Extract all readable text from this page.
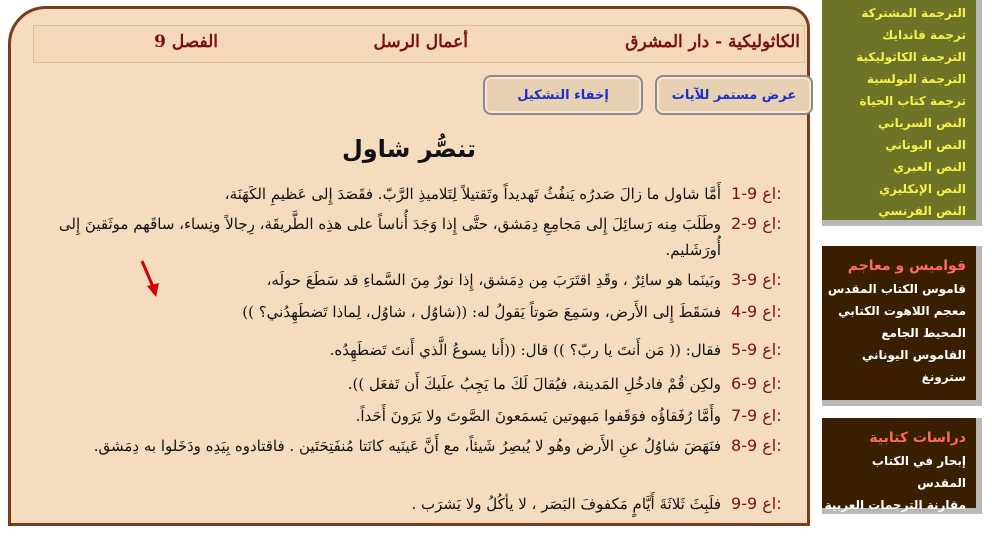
الكاثوليكية - دار المشرق
أعمال الرسل
الفصل 9
عرض مستمر للآيات
إخفاء التشكيل
تنصُّر شاول
اع 9-1:
أَمَّا شاول ما زالَ صَدرُه يَنفُثُ تَهديداً وتَقتيلاً لِتَلاميذِ الرَّبّ. فقَصَدَ إِلى عَظيمِ الكَهَنَة،
اع 9-2:
وطَلَبَ مِنه رَسائِلَ إِلى مَجامِعِ دِمَشق، حتَّى إِذا وَجَدَ أُناساً على هذِه الطَّريقَة، رِجالاً ونِساء، ساقَهم موثَقينَ إِلى أُورَشَليم.
اع 9-3:
وبَينَما هو سائِرٌ ، وقَدِ اقتَرَبَ مِن دِمَشق، إِذا نورٌ مِنَ السَّماءِ قد سَطَعَ حولَه،
اع 9-4:
فسَقَطَ إِلى الأَرض، وسَمِعَ صَوتاً يَقولُ له: ((شاوُل ، شاوُل، لِماذا تَضطَهِدُني؟ ))
اع 9-5:
فقال: (( مَن أَنتَ يا ربّ؟ )) قال: ((أَنا يسوعُ الَّذي أَنتَ تَضطَهِدُه.
اع 9-6:
ولكِن قُمْ فادخُلِ المَدينة، فيُقالَ لَكَ ما يَجِبُ علَيكَ أَن تَفعَل )).
اع 9-7:
وأَمَّا رُفَقاؤُه فوَقَفوا مَبهوتين يَسمَعونَ الصَّوتَ ولا يَرَونَ أَحَداً.
اع 9-8:
فنَهَضَ شاوُلُ عنِ الأَرض وهُو لا يُبصِرُ شَيئاً، مع أَنَّ عَينَيه كانَتا مُنفَتِحَتَين . فاقتادوه بِيَدِه ودَخَلوا به دِمَشق.
اع 9-9:
فلَبِثَ ثَلاثَةَ أَيَّامٍ مَكفوفَ البَصَر ، لا يأكُلُ ولا يَشرَب .
الترجمة المشتركة
ترجمة فاندايك
الترجمة الكاثوليكية
الترجمة البولسية
ترجمة كتاب الحياة
النص السرياني
النص اليوناني
النص العبري
النص الإنكليزي
النص الفرنسي
قواميس و معاجم
قاموس الكتاب المقدس
معجم اللاهوت الكتابي
المحيط الجامع
القاموس اليوناني
سترونغ
دراسات كتابية
إبحار في الكتاب المقدس
مقارنة الترجمات العربية
قراءة الترجمات الكاثوليكية
